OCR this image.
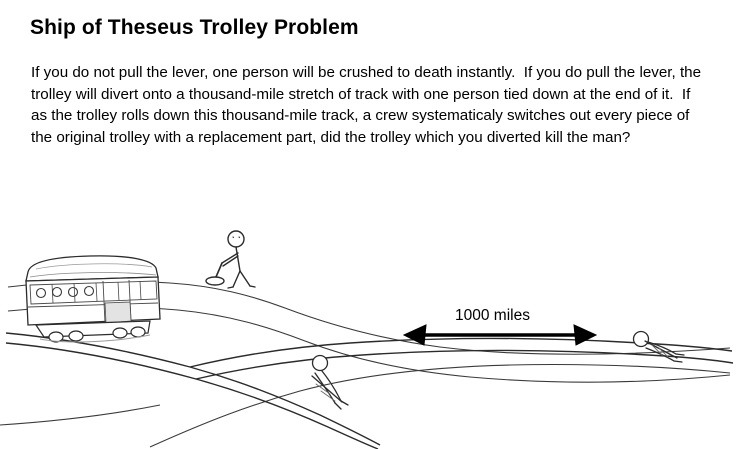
Ship of Theseus Trolley Problem
If you do not pull the lever, one person will be crushed to death instantly.  If you do pull the lever, the trolley will divert onto a thousand-mile stretch of track with one person tied down at the end of it.  If as the trolley rolls down this thousand-mile track, a crew systematicaly switches out every piece of the original trolley with a replacement part, did the trolley which you diverted kill the man?
1000 miles
